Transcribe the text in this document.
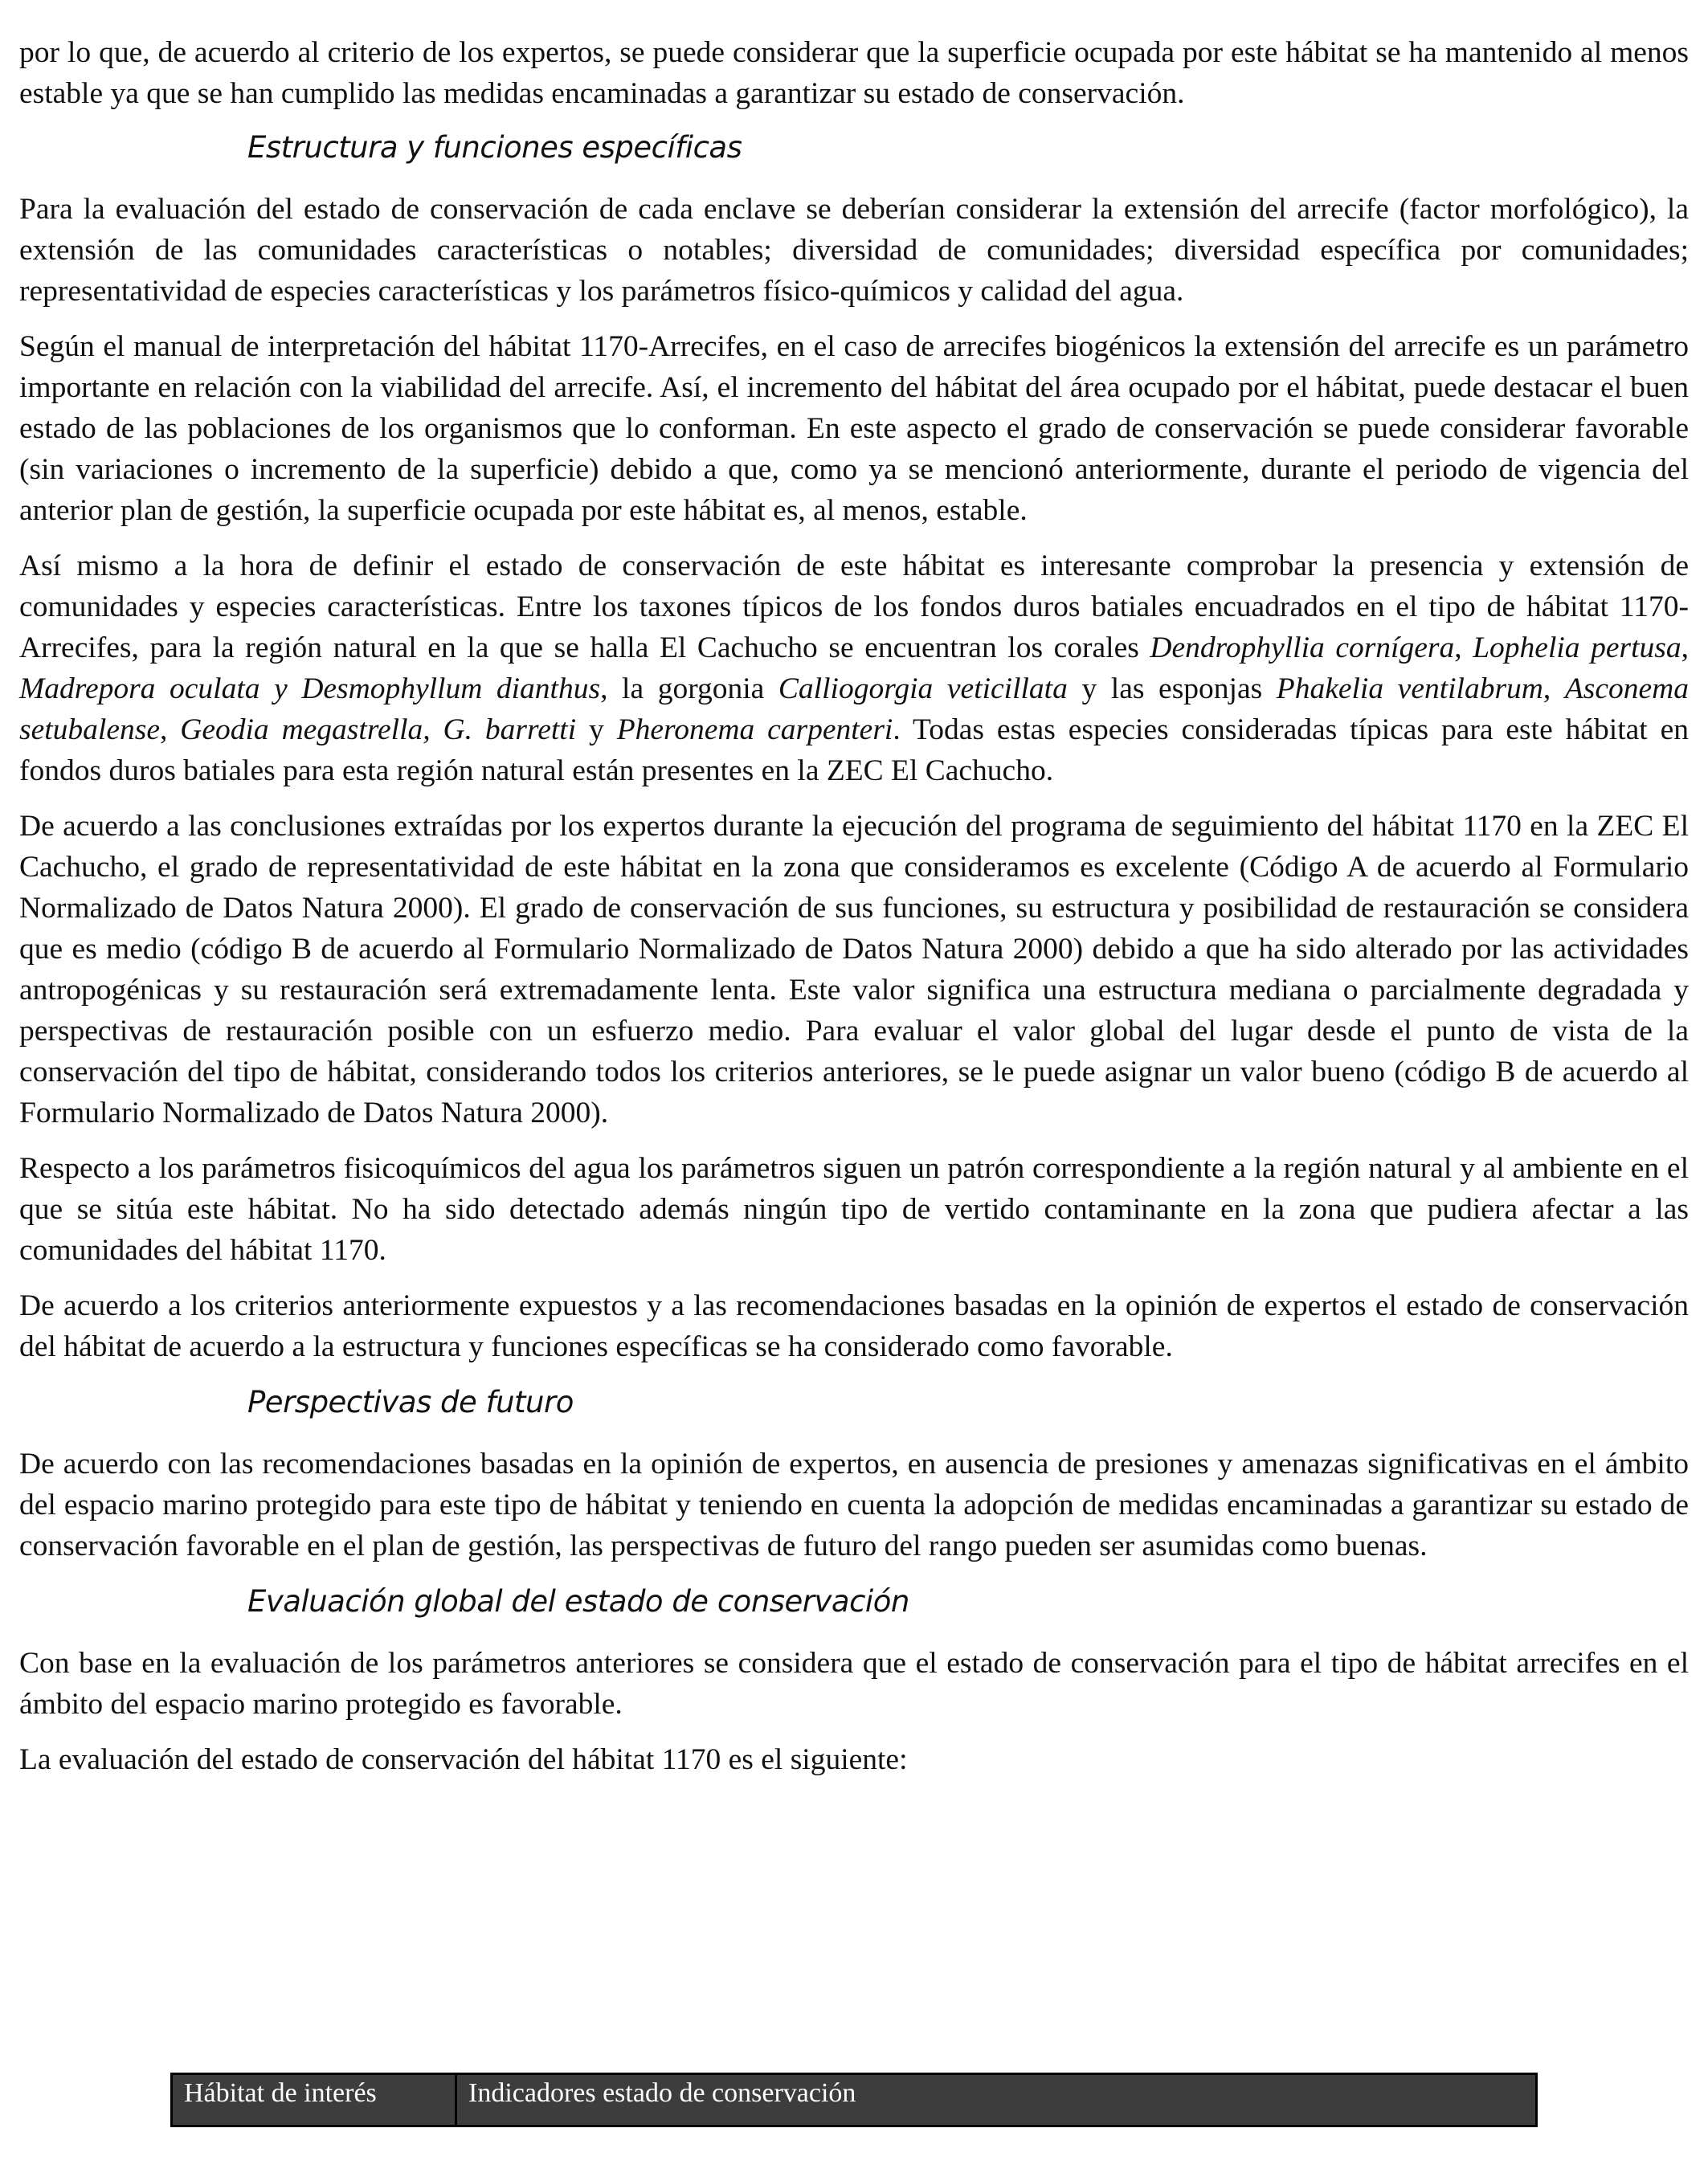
por lo que, de acuerdo al criterio de los expertos, se puede considerar que la superficie ocupada por este hábitat se ha mantenido al menos estable ya que se han cumplido las medidas encaminadas a garantizar su estado de conservación.

Estructura y funciones específicas

Para la evaluación del estado de conservación de cada enclave se deberían considerar la extensión del arrecife (factor morfológico), la extensión de las comunidades características o notables; diversidad de comunidades; diversidad específica por comunidades; representatividad de especies características y los parámetros físico-químicos y calidad del agua.

Según el manual de interpretación del hábitat 1170-Arrecifes, en el caso de arrecifes biogénicos la extensión del arrecife es un parámetro importante en relación con la viabilidad del arrecife. Así, el incremento del hábitat del área ocupado por el hábitat, puede destacar el buen estado de las poblaciones de los organismos que lo conforman. En este aspecto el grado de conservación se puede considerar favorable (sin variaciones o incremento de la superficie) debido a que, como ya se mencionó anteriormente, durante el periodo de vigencia del anterior plan de gestión, la superficie ocupada por este hábitat es, al menos, estable.

Así mismo a la hora de definir el estado de conservación de este hábitat es interesante comprobar la presencia y extensión de comunidades y especies características. Entre los taxones típicos de los fondos duros batiales encuadrados en el tipo de hábitat 1170-Arrecifes, para la región natural en la que se halla El Cachucho se encuentran los corales Dendrophyllia cornígera, Lophelia pertusa, Madrepora oculata y Desmophyllum dianthus, la gorgonia Calliogorgia veticillata y las esponjas Phakelia ventilabrum, Asconema setubalense, Geodia megastrella, G. barretti y Pheronema carpenteri. Todas estas especies consideradas típicas para este hábitat en fondos duros batiales para esta región natural están presentes en la ZEC El Cachucho.

De acuerdo a las conclusiones extraídas por los expertos durante la ejecución del programa de seguimiento del hábitat 1170 en la ZEC El Cachucho, el grado de representatividad de este hábitat en la zona que consideramos es excelente (Código A de acuerdo al Formulario Normalizado de Datos Natura 2000). El grado de conservación de sus funciones, su estructura y posibilidad de restauración se considera que es medio (código B de acuerdo al Formulario Normalizado de Datos Natura 2000) debido a que ha sido alterado por las actividades antropogénicas y su restauración será extremadamente lenta. Este valor significa una estructura mediana o parcialmente degradada y perspectivas de restauración posible con un esfuerzo medio. Para evaluar el valor global del lugar desde el punto de vista de la conservación del tipo de hábitat, considerando todos los criterios anteriores, se le puede asignar un valor bueno (código B de acuerdo al Formulario Normalizado de Datos Natura 2000).

Respecto a los parámetros fisicoquímicos del agua los parámetros siguen un patrón correspondiente a la región natural y al ambiente en el que se sitúa este hábitat. No ha sido detectado además ningún tipo de vertido contaminante en la zona que pudiera afectar a las comunidades del hábitat 1170.

De acuerdo a los criterios anteriormente expuestos y a las recomendaciones basadas en la opinión de expertos el estado de conservación del hábitat de acuerdo a la estructura y funciones específicas se ha considerado como favorable.

Perspectivas de futuro

De acuerdo con las recomendaciones basadas en la opinión de expertos, en ausencia de presiones y amenazas significativas en el ámbito del espacio marino protegido para este tipo de hábitat y teniendo en cuenta la adopción de medidas encaminadas a garantizar su estado de conservación favorable en el plan de gestión, las perspectivas de futuro del rango pueden ser asumidas como buenas.

Evaluación global del estado de conservación

Con base en la evaluación de los parámetros anteriores se considera que el estado de conservación para el tipo de hábitat arrecifes en el ámbito del espacio marino protegido es favorable.

La evaluación del estado de conservación del hábitat 1170 es el siguiente:

Hábitat de interés	Indicadores estado de conservación
